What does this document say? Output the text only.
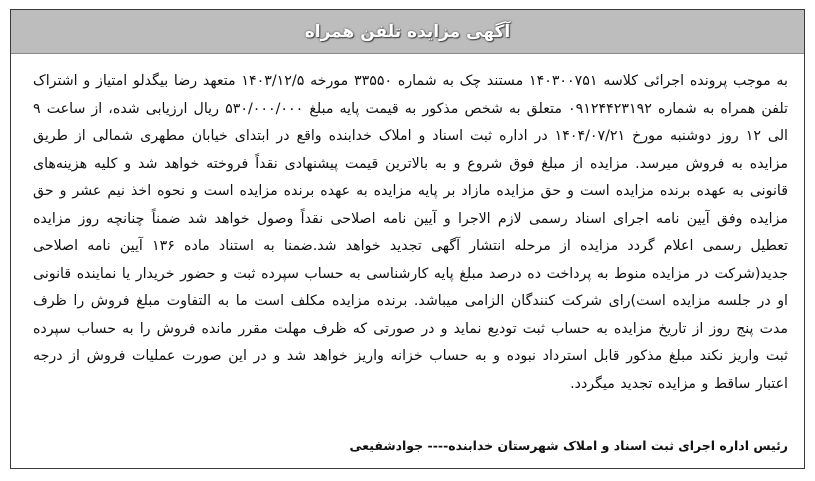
آگهی مزایده تلفن همراه

به موجب پرونده اجرائی کلاسه ۱۴۰۳۰۰۷۵۱ مستند چک به شماره ۳۳۵۵۰ مورخه ۱۴۰۳/۱۲/۵ متعهد رضا بیگدلو امتیاز و اشتراک تلفن همراه به شماره ۰۹۱۲۴۴۲۳۱۹۲ متعلق به شخص مذکور به قیمت پایه مبلغ ۵۳۰/۰۰۰/۰۰۰ ریال ارزیابی شده، از ساعت ۹ الی ۱۲ روز دوشنبه مورخ ۱۴۰۴/۰۷/۲۱ در اداره ثبت اسناد و املاک خدابنده واقع در ابتدای خیابان مطهری شمالی از طریق مزایده به فروش میرسد. مزایده از مبلغ فوق شروع و به بالاترین قیمت پیشنهادی نقداً فروخته خواهد شد و کلیه هزینه‌های قانونی به عهده برنده مزایده است و حق مزایده مازاد بر پایه مزایده به عهده برنده مزایده است و نحوه اخذ نیم عشر و حق مزایده وفق آیین نامه اجرای اسناد رسمی لازم الاجرا و آیین نامه اصلاحی نقداً وصول خواهد شد ضمناً چنانچه روز مزایده تعطیل رسمی اعلام گردد مزایده از مرحله انتشار آگهی تجدید خواهد شد.ضمنا به استناد ماده ۱۳۶ آیین نامه اصلاحی جدید(شرکت در مزایده منوط به پرداخت ده درصد مبلغ پایه کارشناسی به حساب سپرده ثبت و حضور خریدار یا نماینده قانونی او در جلسه مزایده است)رای شرکت کنندگان الزامی میباشد. برنده مزایده مکلف است ما به التفاوت مبلغ فروش را ظرف مدت پنج روز از تاریخ مزایده به حساب ثبت تودیع نماید و در صورتی که ظرف مهلت مقرر مانده فروش را به حساب سپرده ثبت واریز نکند مبلغ مذکور قابل استرداد نبوده و به حساب خزانه واریز خواهد شد و در این صورت عملیات فروش از درجه اعتبار ساقط و مزایده تجدید میگردد.

رئیس اداره اجرای ثبت اسناد و املاک شهرستان خدابنده---- جوادشفیعی
